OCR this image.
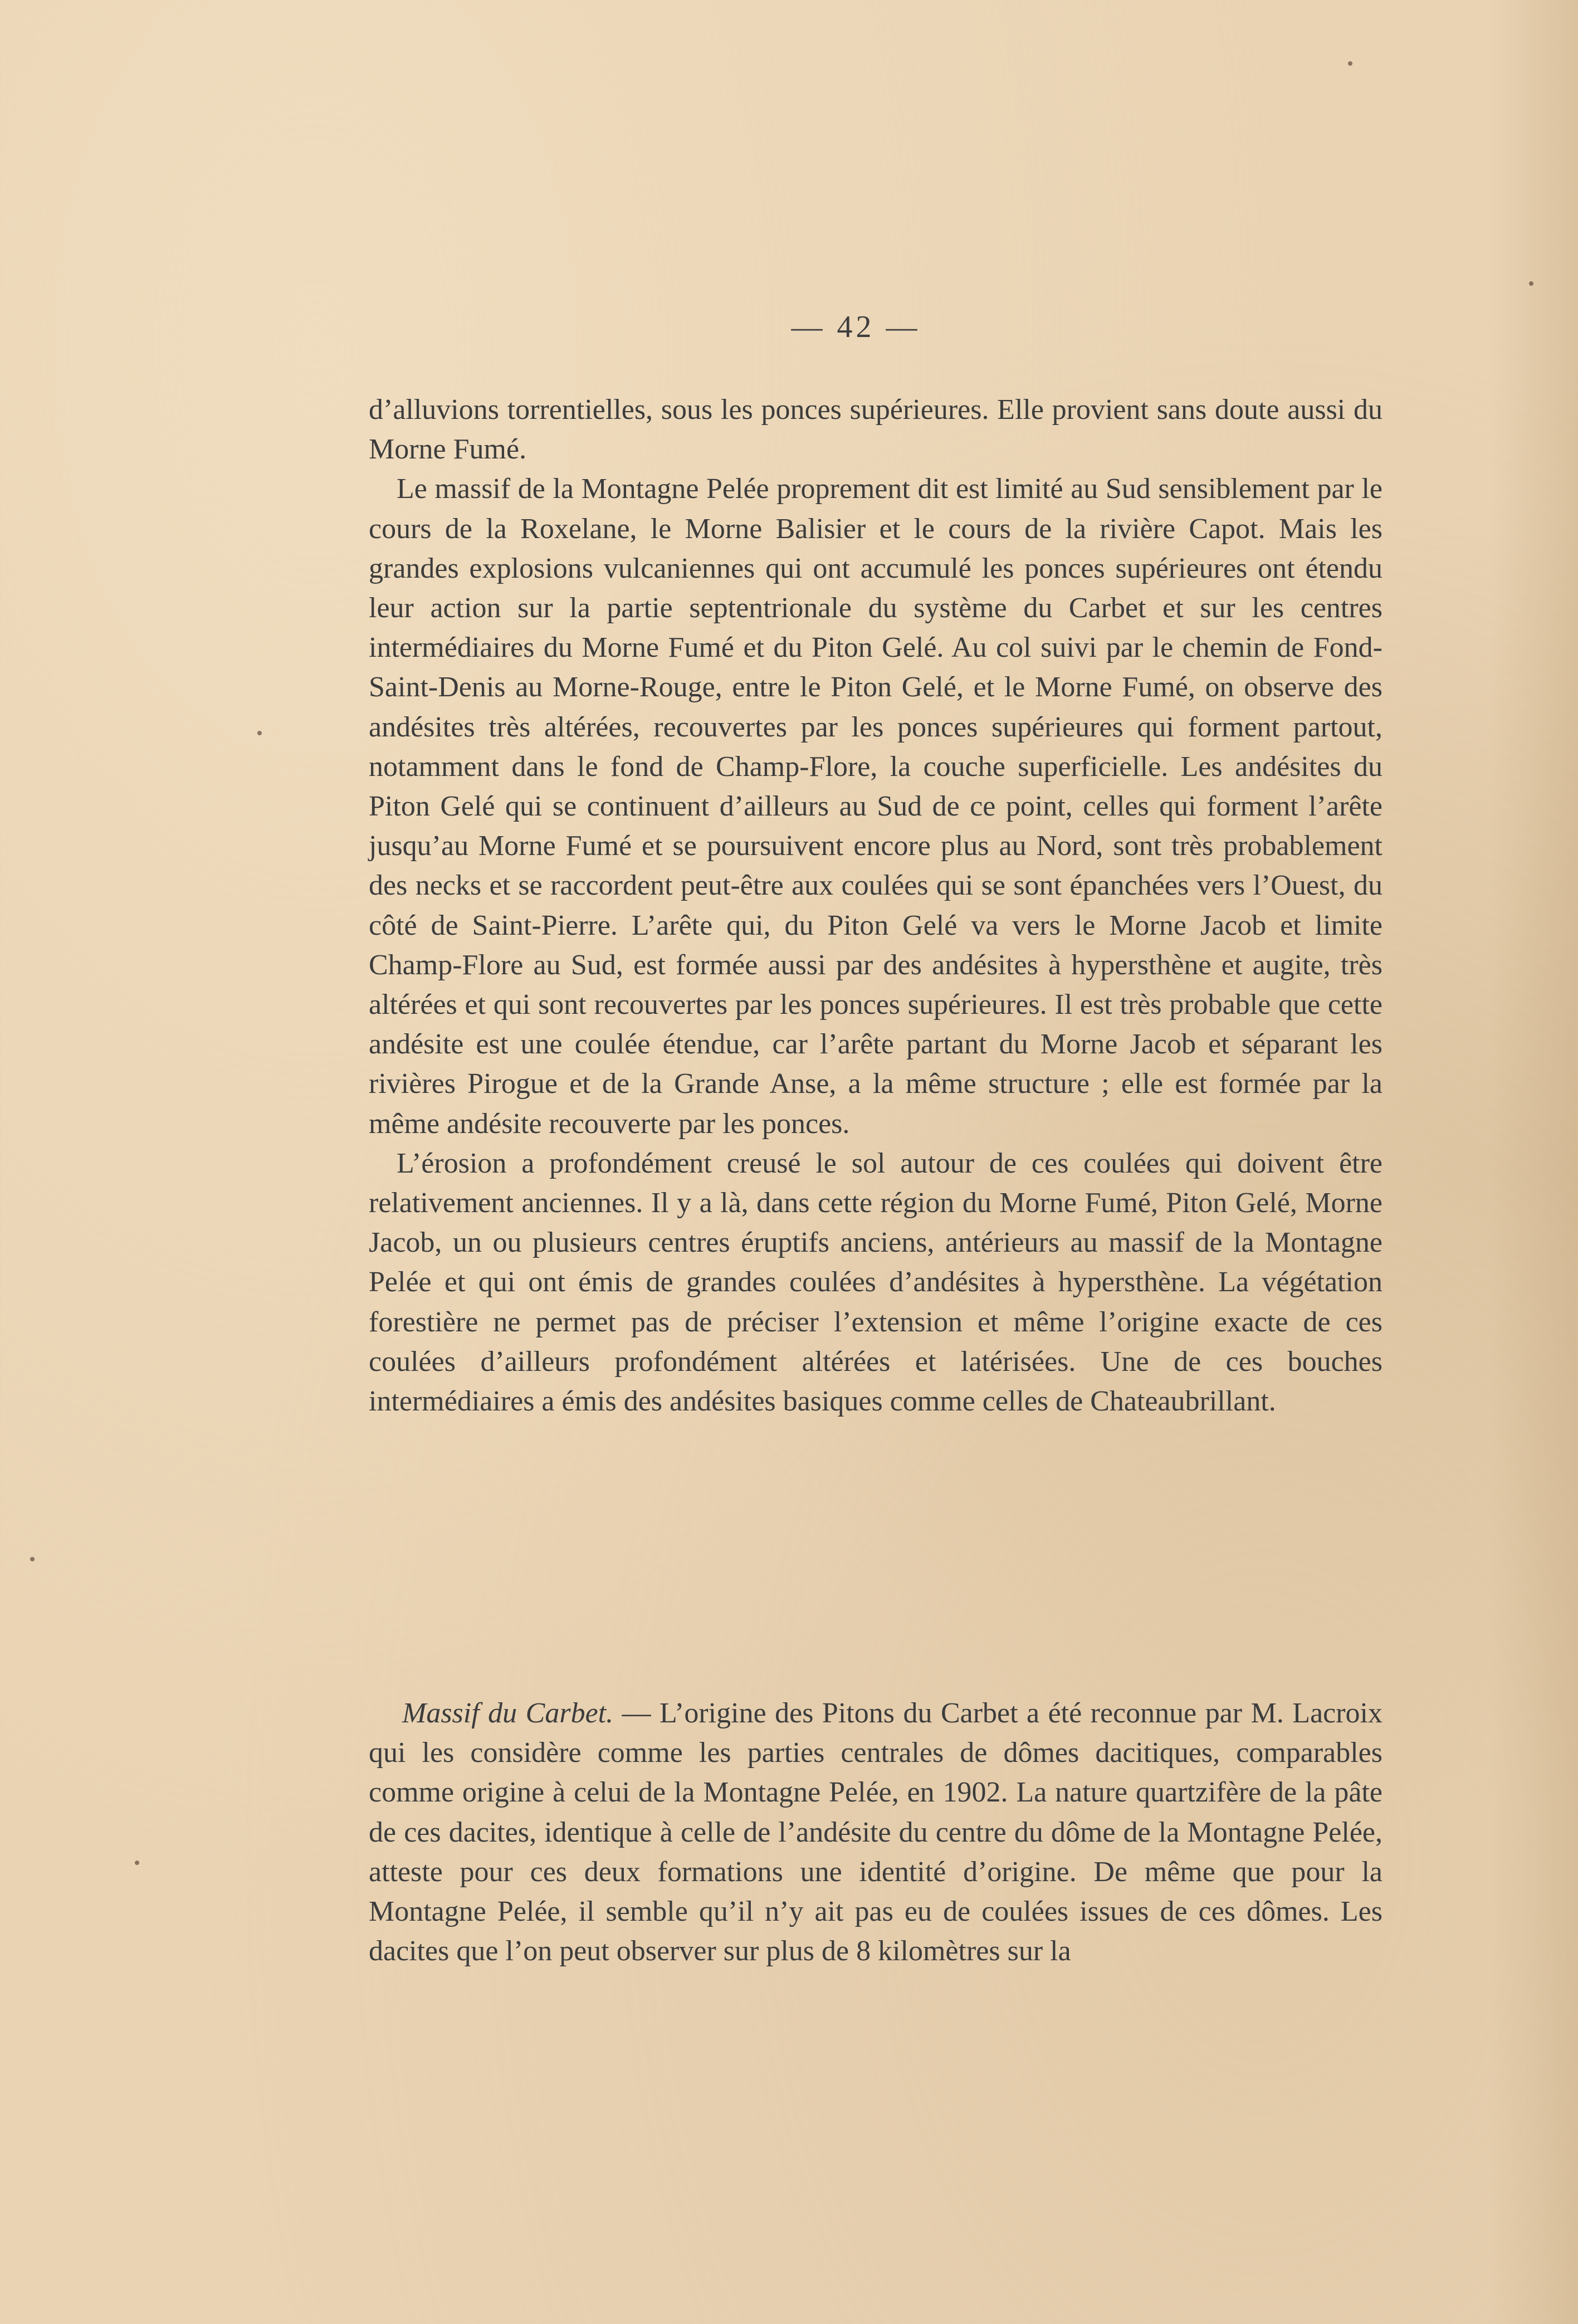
— 42 —

d’alluvions torrentielles, sous les ponces supérieures. Elle provient sans doute aussi du Morne Fumé.

Le massif de la Montagne Pelée proprement dit est limité au Sud sensiblement par le cours de la Roxelane, le Morne Balisier et le cours de la rivière Capot. Mais les grandes explosions vulcaniennes qui ont accumulé les ponces supérieures ont étendu leur action sur la partie septentrionale du système du Carbet et sur les centres intermédiaires du Morne Fumé et du Piton Gelé. Au col suivi par le chemin de Fond-Saint-Denis au Morne-Rouge, entre le Piton Gelé, et le Morne Fumé, on observe des andésites très altérées, recouvertes par les ponces supérieures qui forment partout, notamment dans le fond de Champ-Flore, la couche superficielle. Les andésites du Piton Gelé qui se continuent d’ailleurs au Sud de ce point, celles qui forment l’arête jusqu’au Morne Fumé et se poursuivent encore plus au Nord, sont très probablement des necks et se raccordent peut-être aux coulées qui se sont épanchées vers l’Ouest, du côté de Saint-Pierre. L’arête qui, du Piton Gelé va vers le Morne Jacob et limite Champ-Flore au Sud, est formée aussi par des andésites à hypersthène et augite, très altérées et qui sont recouvertes par les ponces supérieures. Il est très probable que cette andésite est une coulée étendue, car l’arête partant du Morne Jacob et séparant les rivières Pirogue et de la Grande Anse, a la même structure ; elle est formée par la même andésite recouverte par les ponces.

L’érosion a profondément creusé le sol autour de ces coulées qui doivent être relativement anciennes. Il y a là, dans cette région du Morne Fumé, Piton Gelé, Morne Jacob, un ou plusieurs centres éruptifs anciens, antérieurs au massif de la Montagne Pelée et qui ont émis de grandes coulées d’andésites à hypersthène. La végétation forestière ne permet pas de préciser l’extension et même l’origine exacte de ces coulées d’ailleurs profondément altérées et latérisées. Une de ces bouches intermédiaires a émis des andésites basiques comme celles de Chateaubrillant.

Massif du Carbet. — L’origine des Pitons du Carbet a été reconnue par M. Lacroix qui les considère comme les parties centrales de dômes dacitiques, comparables comme origine à celui de la Montagne Pelée, en 1902. La nature quartzifère de la pâte de ces dacites, identique à celle de l’andésite du centre du dôme de la Montagne Pelée, atteste pour ces deux formations une identité d’origine. De même que pour la Montagne Pelée, il semble qu’il n’y ait pas eu de coulées issues de ces dômes. Les dacites que l’on peut observer sur plus de 8 kilomètres sur la
